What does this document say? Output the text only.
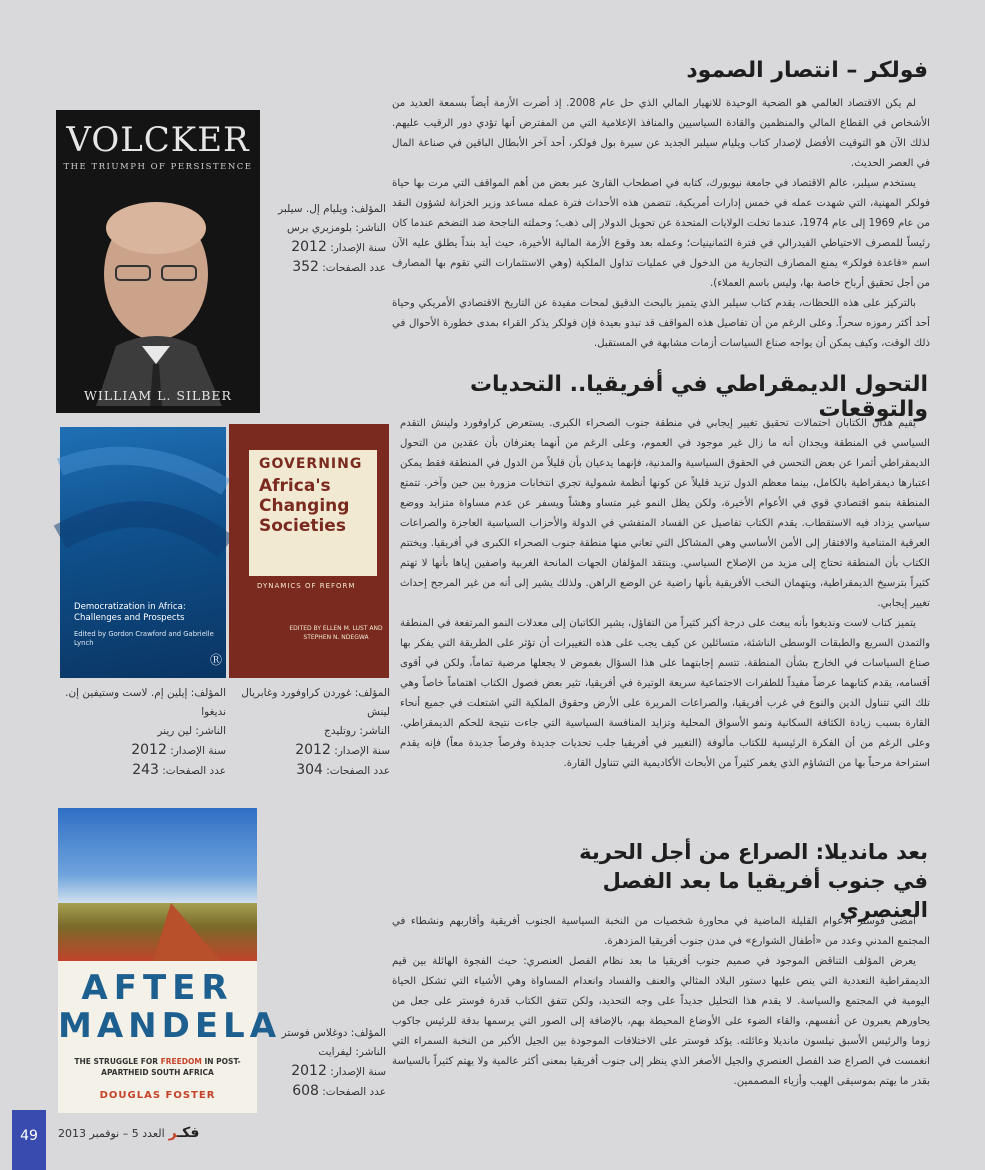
فولكر – انتصار الصمود

لم يكن الاقتصاد العالمي هو الضحية الوحيدة للانهيار المالي الذي حل عام 2008. إذ أضرت الأزمة أيضاً بسمعة العديد من الأشخاص في القطاع المالي والمنظمين والقادة السياسيين والمنافذ الإعلامية التي من المفترض أنها تؤدي دور الرقيب عليهم. لذلك الآن هو التوقيت الأفضل لإصدار كتاب ويليام سيلبر الجديد عن سيرة بول فولكر، أحد آخر الأبطال الباقين في صناعة المال في العصر الحديث.

يستخدم سيلبر، عالم الاقتصاد في جامعة نيويورك، كتابه في اصطحاب القارئ عبر بعض من أهم المواقف التي مرت بها حياة فولكر المهنية، التي شهدت عمله في خمس إدارات أمريكية. تتضمن هذه الأحداث فترة عمله مساعد وزير الخزانة لشؤون النقد من عام 1969 إلى عام 1974، عندما تخلت الولايات المتحدة عن تحويل الدولار إلى ذهب؛ وحملته الناجحة ضد التضخم عندما كان رئيساً للمصرف الاحتياطي الفيدرالي في فترة الثمانينيات؛ وعمله بعد وقوع الأزمة المالية الأخيرة، حيث أيد بنداً يطلق عليه الآن اسم «قاعدة فولكر» يمنع المصارف التجارية من الدخول في عمليات تداول الملكية (وهي الاستثمارات التي تقوم بها المصارف من أجل تحقيق أرباح خاصة بها، وليس باسم العملاء).

بالتركيز على هذه اللحظات، يقدم كتاب سيلبر الذي يتميز بالبحث الدقيق لمحات مفيدة عن التاريخ الاقتصادي الأمريكي وحياة أحد أكثر رموزه سحراً. وعلى الرغم من أن تفاصيل هذه المواقف قد تبدو بعيدة فإن فولكر يذكر القراء بمدى خطورة الأحوال في ذلك الوقت، وكيف يمكن أن يواجه صناع السياسات أزمات مشابهة في المستقبل.

VOLCKER
THE TRIUMPH OF PERSISTENCE
WILLIAM L. SILBER
المؤلف: ويليام إل. سيلبر
الناشر: بلومزبري برس
سنة الإصدار: 2012
عدد الصفحات: 352
التحول الديمقراطي في أفريقيا.. التحديات والتوقعات

يقيم هذان الكتابان احتمالات تحقيق تغيير إيجابي في منطقة جنوب الصحراء الكبرى. يستعرض كراوفورد ولينش التقدم السياسي في المنطقة ويجدان أنه ما زال غير موجود في العموم، وعلى الرغم من أنهما يعترفان بأن عقدين من التحول الديمقراطي أثمرا عن بعض التحسن في الحقوق السياسية والمدنية، فإنهما يدعيان بأن قليلاً من الدول في المنطقة فقط يمكن اعتبارها ديمقراطية بالكامل، بينما معظم الدول تزيد قليلاً عن كونها أنظمة شمولية تجري انتخابات مزورة بين حين وآخر. تتمتع المنطقة بنمو اقتصادي قوي في الأعوام الأخيرة، ولكن يظل النمو غير متساو وهشاً ويسفر عن عدم مساواة متزايد ووضع سياسي يزداد فيه الاستقطاب. يقدم الكتاب تفاصيل عن الفساد المتفشي في الدولة والأحزاب السياسية العاجزة والصراعات العرقية المتنامية والافتقار إلى الأمن الأساسي وهي المشاكل التي تعاني منها منطقة جنوب الصحراء الكبرى في أفريقيا. ويختتم الكتاب بأن المنطقة تحتاج إلى مزيد من الإصلاح السياسي. وينتقد المؤلفان الجهات المانحة الغربية واصفين إياها بأنها لا تهتم كثيراً بترسيخ الديمقراطية، ويتهمان النخب الأفريقية بأنها راضية عن الوضع الراهن. ولذلك يشير إلى أنه من غير المرجح إحداث تغيير إيجابي.

يتميز كتاب لاست ونديغوا بأنه يبعث على درجة أكبر كثيراً من التفاؤل، يشير الكاتبان إلى معدلات النمو المرتفعة في المنطقة والتمدن السريع والطبقات الوسطى الناشئة، متسائلين عن كيف يجب على هذه التغييرات أن تؤثر على الطريقة التي يفكر بها صناع السياسات في الخارج بشأن المنطقة. تتسم إجابتهما على هذا السؤال بغموض لا يجعلها مرضية تماماً، ولكن في أقوى أقسامه، يقدم كتابهما عرضاً مفيداً للطفرات الاجتماعية سريعة الوتيرة في أفريقيا، تثير بعض فصول الكتاب اهتماماً خاصاً وهي تلك التي تتناول الدين والنوع في غرب أفريقيا، والصراعات المريرة على الأرض وحقوق الملكية التي اشتعلت في جميع أنحاء القارة بسبب زيادة الكثافة السكانية ونمو الأسواق المحلية وتزايد المنافسة السياسية التي جاءت نتيجة للحكم الديمقراطي. وعلى الرغم من أن الفكرة الرئيسية للكتاب مألوفة (التغيير في أفريقيا جلب تحديات جديدة وفرصاً جديدة معاً) فإنه يقدم استراحة مرحباً بها من التشاؤم الذي يغمر كثيراً من الأبحاث الأكاديمية التي تتناول القارة.

Democratization in Africa: Challenges and Prospects
Edited by Gordon Crawford and Gabrielle Lynch
Ⓡ
GOVERNING
Africa's Changing Societies
DYNAMICS OF REFORM
EDITED BY ELLEN M. LUST AND STEPHEN N. NDEGWA
المؤلف: إيلين إم. لاست وستيفين إن. نديغوا
الناشر: لين رينر
سنة الإصدار: 2012
عدد الصفحات: 243
المؤلف: غوردن كراوفورد وغابريال لينش
الناشر: روتليدج
سنة الإصدار: 2012
عدد الصفحات: 304
بعد مانديلا: الصراع من أجل الحرية في جنوب أفريقيا ما بعد الفصل العنصري

أمضى فوستر الأعوام القليلة الماضية في محاورة شخصيات من النخبة السياسية الجنوب أفريقية وأقاربهم ونشطاء في المجتمع المدني وعدد من «أطفال الشوارع» في مدن جنوب أفريقيا المزدهرة.

يعرض المؤلف التناقض الموجود في صميم جنوب أفريقيا ما بعد نظام الفصل العنصري: حيث الفجوة الهائلة بين قيم الديمقراطية التعددية التي ينص عليها دستور البلاد المثالي والعنف والفساد وانعدام المساواة وهي الأشياء التي تشكل الحياة اليومية في المجتمع والسياسة. لا يقدم هذا التحليل جديداً على وجه التحديد، ولكن تتفق الكتاب قدرة فوستر على جعل من يحاورهم يعبرون عن أنفسهم، والقاء الضوء على الأوضاع المحيطة بهم، بالإضافة إلى الصور التي يرسمها بدقة للرئيس جاكوب زوما والرئيس الأسبق نيلسون مانديلا وعائلته. يؤكد فوستر على الاختلافات الموجودة بين الجيل الأكبر من النخبة السمراء التي انغمست في الصراع ضد الفصل العنصري والجيل الأصغر الذي ينظر إلى جنوب أفريقيا بمعنى أكثر عالمية ولا يهتم كثيراً بالسياسة بقدر ما يهتم بموسيقى الهيب وأزياء المصممين.

AFTER
MANDELA
THE STRUGGLE FOR FREEDOM IN POST-APARTHEID SOUTH AFRICA
DOUGLAS FOSTER
المؤلف: دوغلاس فوستر
الناشر: ليفرايت
سنة الإصدار: 2012
عدد الصفحات: 608
49	فكـر
العدد 5 – نوفمبر 2013
